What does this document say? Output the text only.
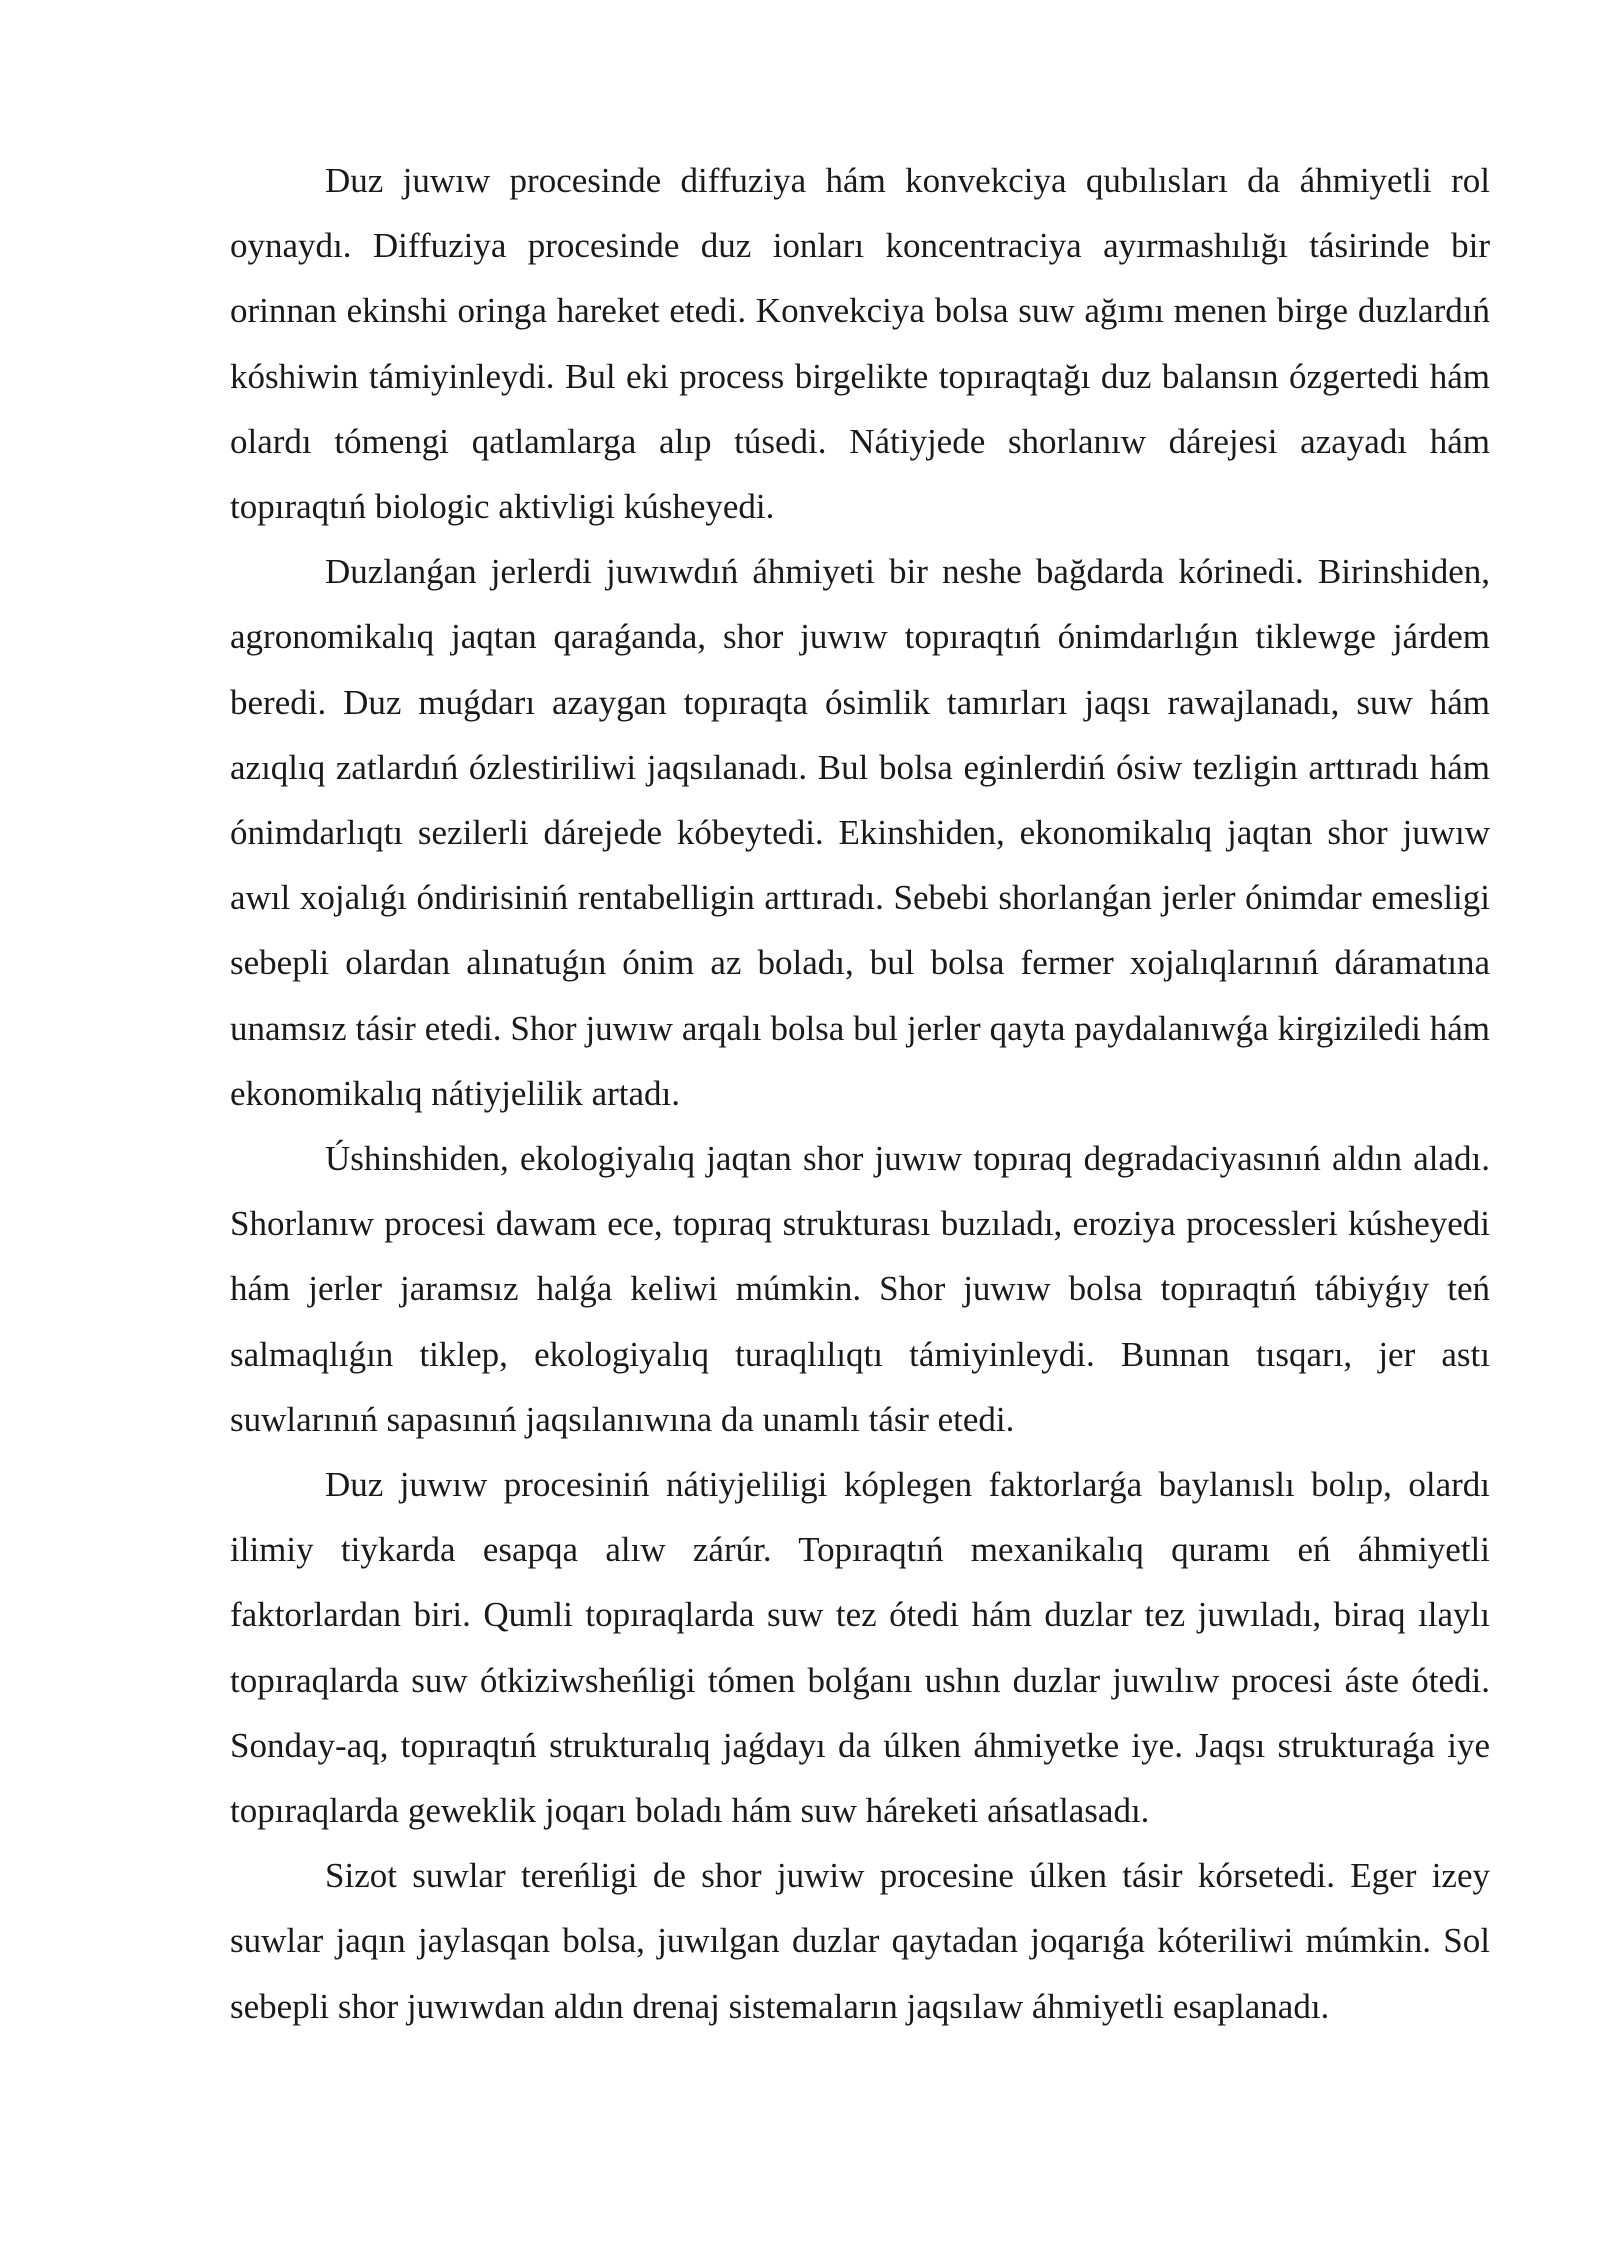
Duz juwıw procesinde diffuziya hám konvekciya qubılısları da áhmiyetli rol oynaydı. Diffuziya procesinde duz ionları koncentraciya ayırmashılığı tásirinde bir orinnan ekinshi oringa hareket etedi. Konvekciya bolsa suw ağımı menen birge duzlardıń kóshiwin támiyinleydi. Bul eki process birgelikte topıraqtağı duz balansın ózgertedi hám olardı tómengi qatlamlarga alıp túsedi. Nátiyjede shorlanıw dárejesi azayadı hám topıraqtıń biologic aktivligi kúsheyedi.

Duzlanǵan jerlerdi juwıwdıń áhmiyeti bir neshe bağdarda kórinedi. Birinshiden, agronomikalıq jaqtan qaraǵanda, shor juwıw topıraqtıń ónimdarlıǵın tiklewge járdem beredi. Duz muǵdarı azaygan topıraqta ósimlik tamırları jaqsı rawajlanadı, suw hám azıqlıq zatlardıń ózlestiriliwi jaqsılanadı. Bul bolsa eginlerdiń ósiw tezligin arttıradı hám ónimdarlıqtı sezilerli dárejede kóbeytedi. Ekinshiden, ekonomikalıq jaqtan shor juwıw awıl xojalıǵı óndirisiniń rentabelligin arttıradı. Sebebi shorlanǵan jerler ónimdar emesligi sebepli olardan alınatuǵın ónim az boladı, bul bolsa fermer xojalıqlarınıń dáramatına unamsız tásir etedi. Shor juwıw arqalı bolsa bul jerler qayta paydalanıwǵa kirgiziledi hám ekonomikalıq nátiyjelilik artadı.

Úshinshiden, ekologiyalıq jaqtan shor juwıw topıraq degradaciyasınıń aldın aladı. Shorlanıw procesi dawam ece, topıraq strukturası buzıladı, eroziya processleri kúsheyedi hám jerler jaramsız halǵa keliwi múmkin. Shor juwıw bolsa topıraqtıń tábiyǵıy teń salmaqlıǵın tiklep, ekologiyalıq turaqlılıqtı támiyinleydi. Bunnan tısqarı, jer astı suwlarınıń sapasınıń jaqsılanıwına da unamlı tásir etedi.

Duz juwıw procesiniń nátiyjeliligi kóplegen faktorlarǵa baylanıslı bolıp, olardı ilimiy tiykarda esapqa alıw zárúr. Topıraqtıń mexanikalıq quramı eń áhmiyetli faktorlardan biri. Qumli topıraqlarda suw tez ótedi hám duzlar tez juwıladı, biraq ılaylı topıraqlarda suw ótkiziwsheńligi tómen bolǵanı ushın duzlar juwılıw procesi áste ótedi. Sonday-aq, topıraqtıń strukturalıq jaǵdayı da úlken áhmiyetke iye. Jaqsı strukturaǵa iye topıraqlarda geweklik joqarı boladı hám suw háreketi ańsatlasadı.

Sizot suwlar tereńligi de shor juwiw procesine úlken tásir kórsetedi. Eger izey suwlar jaqın jaylasqan bolsa, juwılgan duzlar qaytadan joqarıǵa kóteriliwi múmkin. Sol sebepli shor juwıwdan aldın drenaj sistemaların jaqsılaw áhmiyetli esaplanadı.
